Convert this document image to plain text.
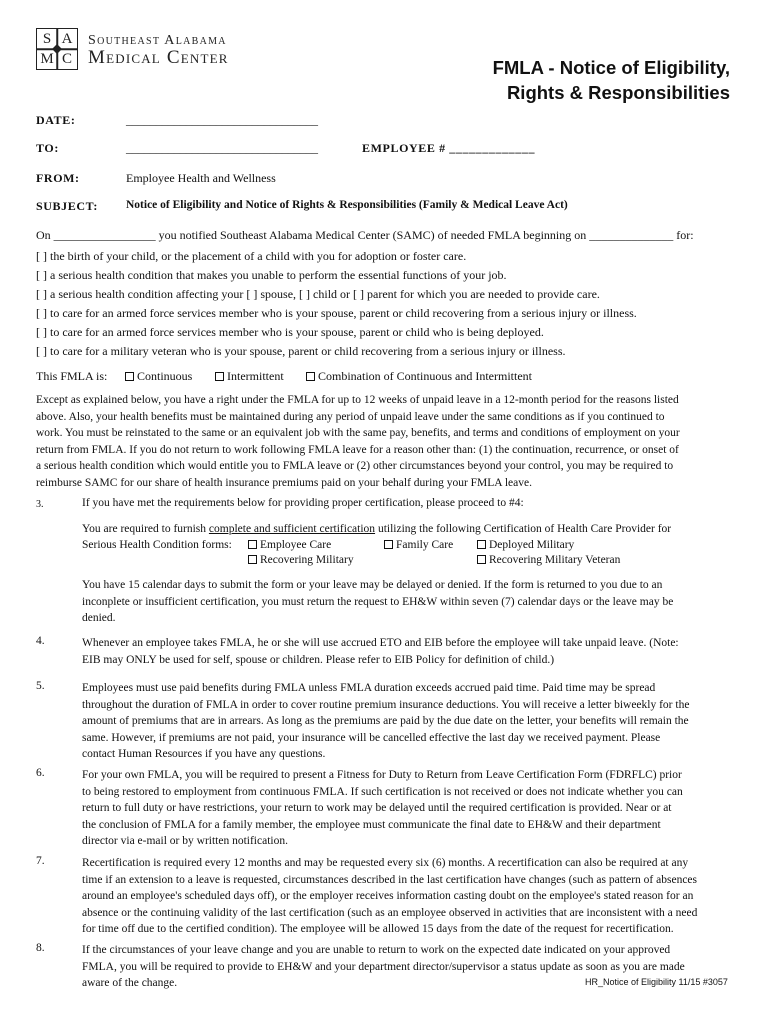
S A
M C
Southeast Alabama
Medical Center	FMLA - Notice of Eligibility,
Rights & Responsibilities
DATE:	________________________________
TO:	________________________________	EMPLOYEE # _____________
FROM:	Employee Health and Wellness
SUBJECT: Notice of Eligibility and Notice of Rights & Responsibilities (Family & Medical Leave Act)
On _________________ you notified Southeast Alabama Medical Center (SAMC) of needed FMLA beginning on ______________ for:
[ ] the birth of your child, or the placement of a child with you for adoption or foster care.
[ ] a serious health condition that makes you unable to perform the essential functions of your job.
[ ] a serious health condition affecting your [ ] spouse, [ ] child or [ ] parent for which you are needed to provide care.
[ ] to care for an armed force services member who is your spouse, parent or child recovering from a serious injury or illness.
[ ] to care for an armed force services member who is your spouse, parent or child who is being deployed.
[ ] to care for a military veteran who is your spouse, parent or child recovering from a serious injury or illness.
This FMLA is:	Continuous	Intermittent	Combination of Continuous and Intermittent
Except as explained below, you have a right under the FMLA for up to 12 weeks of unpaid leave in a 12-month period for the reasons listed
above. Also, your health benefits must be maintained during any period of unpaid leave under the same conditions as if you continued to
work. You must be reinstated to the same or an equivalent job with the same pay, benefits, and terms and conditions of employment on your
return from FMLA. If you do not return to work following FMLA leave for a reason other than: (1) the continuation, recurrence, or onset of
a serious health condition which would entitle you to FMLA leave or (2) other circumstances beyond your control, you may be required to
reimburse SAMC for our share of health insurance premiums paid on your behalf during your FMLA leave.
3.	If you have met the requirements below for providing proper certification, please proceed to #4:
You are required to furnish complete and sufficient certification utilizing the following Certification of Health Care Provider for
Serious Health Condition forms:	Employee Care	Family Care	Deployed Military
Recovering Military	Recovering Military Veteran
You have 15 calendar days to submit the form or your leave may be delayed or denied. If the form is returned to you due to an
inconplete or insufficient certification, you must return the request to EH&W within seven (7) calendar days or the leave may be
denied.
4.	Whenever an employee takes FMLA, he or she will use accrued ETO and EIB before the employee will take unpaid leave. (Note:
EIB may ONLY be used for self, spouse or children. Please refer to EIB Policy for definition of child.)
5.	Employees must use paid benefits during FMLA unless FMLA duration exceeds accrued paid time. Paid time may be spread
throughout the duration of FMLA in order to cover routine premium insurance deductions. You will receive a letter biweekly for the
amount of premiums that are in arrears. As long as the premiums are paid by the due date on the letter, your benefits will remain the
same. However, if premiums are not paid, your insurance will be cancelled effective the last day we received payment. Please
contact Human Resources if you have any questions.
6.	For your own FMLA, you will be required to present a Fitness for Duty to Return from Leave Certification Form (FDRFLC) prior
to being restored to employment from continuous FMLA. If such certification is not received or does not indicate whether you can
return to full duty or have restrictions, your return to work may be delayed until the required certification is provided. Near or at
the conclusion of FMLA for a family member, the employee must communicate the final date to EH&W and their department
director via e-mail or by written notification.
7.	Recertification is required every 12 months and may be requested every six (6) months. A recertification can also be required at any
time if an extension to a leave is requested, circumstances described in the last certification have changes (such as pattern of absences
around an employee's scheduled days off), or the employer receives information casting doubt on the employee's stated reason for an
absence or the continuing validity of the last certification (such as an employee observed in activities that are inconsistent with a need
for time off due to the certified condition). The employee will be allowed 15 days from the date of the request for recertification.
8.	If the circumstances of your leave change and you are unable to return to work on the expected date indicated on your approved
FMLA, you will be required to provide to EH&W and your department director/supervisor a status update as soon as you are made
aware of the change.	HR_Notice of Eligibility 11/15 #3057
